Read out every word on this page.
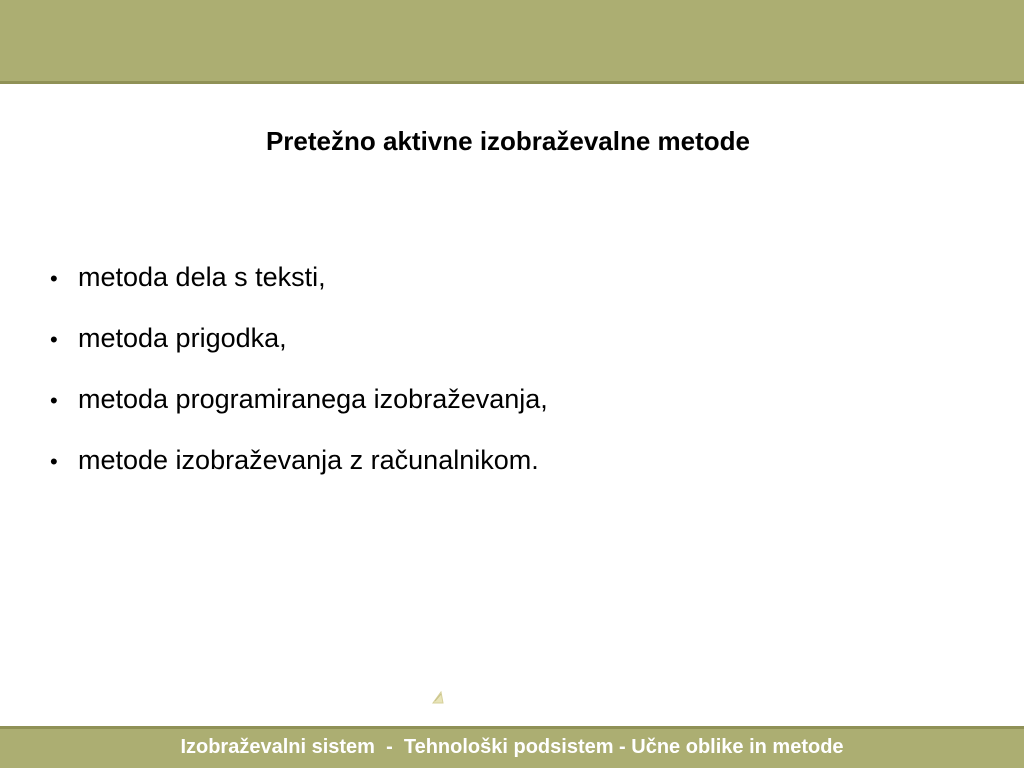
Pretežno aktivne izobraževalne metode
• metoda dela s teksti,
• metoda prigodka,
• metoda programiranega izobraževanja,
• metode izobraževanja z računalnikom.
Izobraževalni sistem  -  Tehnološki podsistem - Učne oblike in metode
